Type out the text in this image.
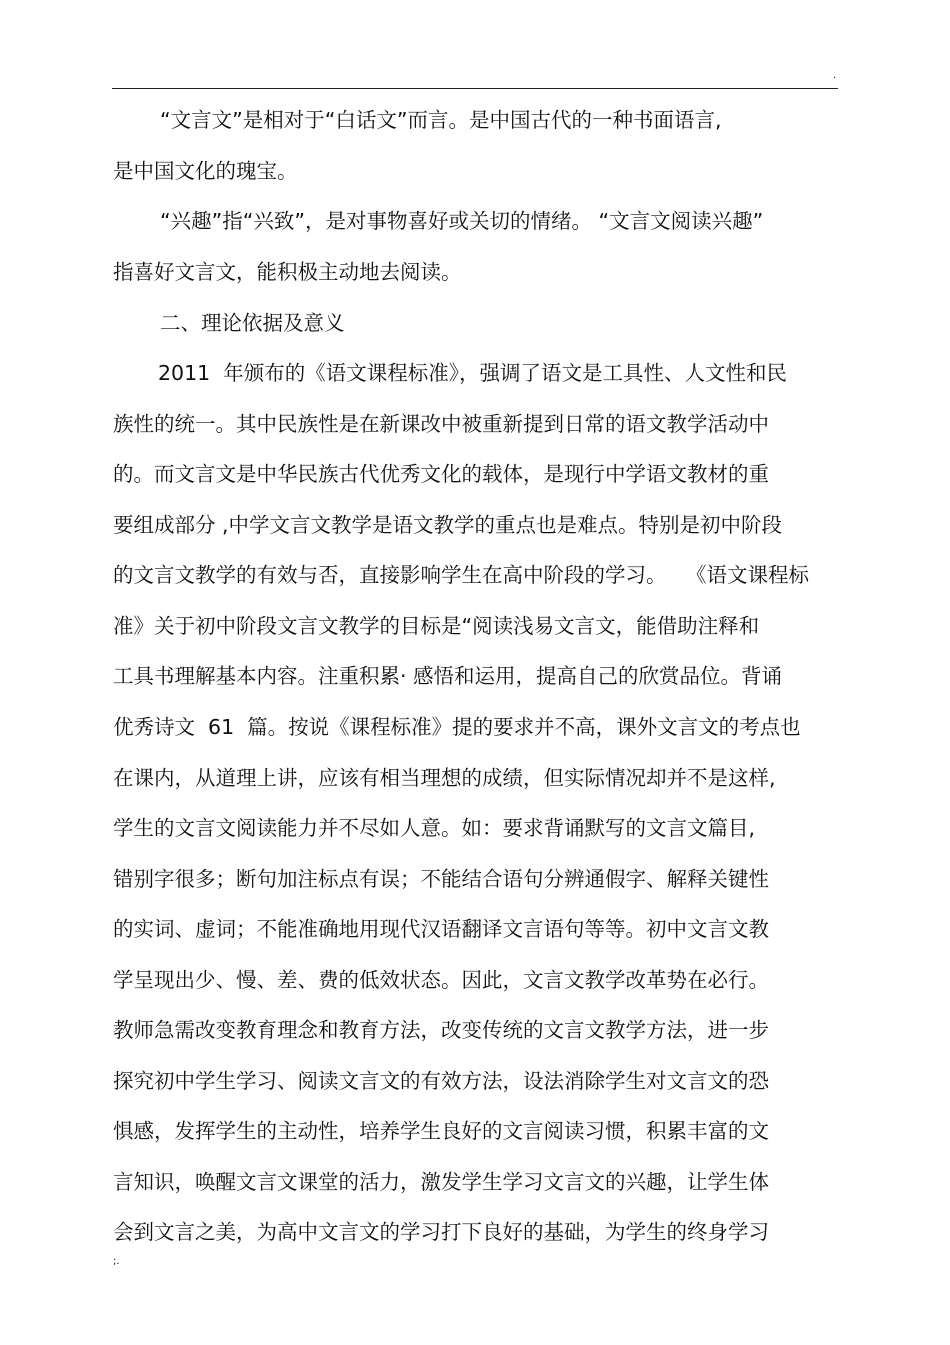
.
“文言文”是相对于“白话文”而言。是中国古代的一种书面语言,
是中国文化的瑰宝。
“兴趣”指“兴致”，是对事物喜好或关切的情绪。 “文言文阅读兴趣”
指喜好文言文，能积极主动地去阅读。
二、理论依据及意义
2011  年颁布的《语文课程标准》，强调了语文是工具性、人文性和民
族性的统一。其中民族性是在新课改中被重新提到日常的语文教学活动中
的。而文言文是中华民族古代优秀文化的载体，是现行中学语文教材的重
要组成部分 ,中学文言文教学是语文教学的重点也是难点。特别是初中阶段
的文言文教学的有效与否，直接影响学生在高中阶段的学习。   《语文课程标
准》关于初中阶段文言文教学的目标是“阅读浅易文言文，能借助注释和
工具书理解基本内容。注重积累· 感悟和运用，提高自己的欣赏品位。背诵
优秀诗文  61  篇。按说《课程标准》提的要求并不高，课外文言文的考点也
在课内，从道理上讲，应该有相当理想的成绩，但实际情况却并不是这样,
学生的文言文阅读能力并不尽如人意。如：要求背诵默写的文言文篇目,
错别字很多；断句加注标点有误；不能结合语句分辨通假字、解释关键性
的实词、虚词；不能准确地用现代汉语翻译文言语句等等。初中文言文教
学呈现出少、慢、差、费的低效状态。因此，文言文教学改革势在必行。
教师急需改变教育理念和教育方法，改变传统的文言文教学方法，进一步
探究初中学生学习、阅读文言文的有效方法，设法消除学生对文言文的恐
惧感，发挥学生的主动性，培养学生良好的文言阅读习惯，积累丰富的文
言知识，唤醒文言文课堂的活力，激发学生学习文言文的兴趣，让学生体
会到文言之美，为高中文言文的学习打下良好的基础，为学生的终身学习
;.
